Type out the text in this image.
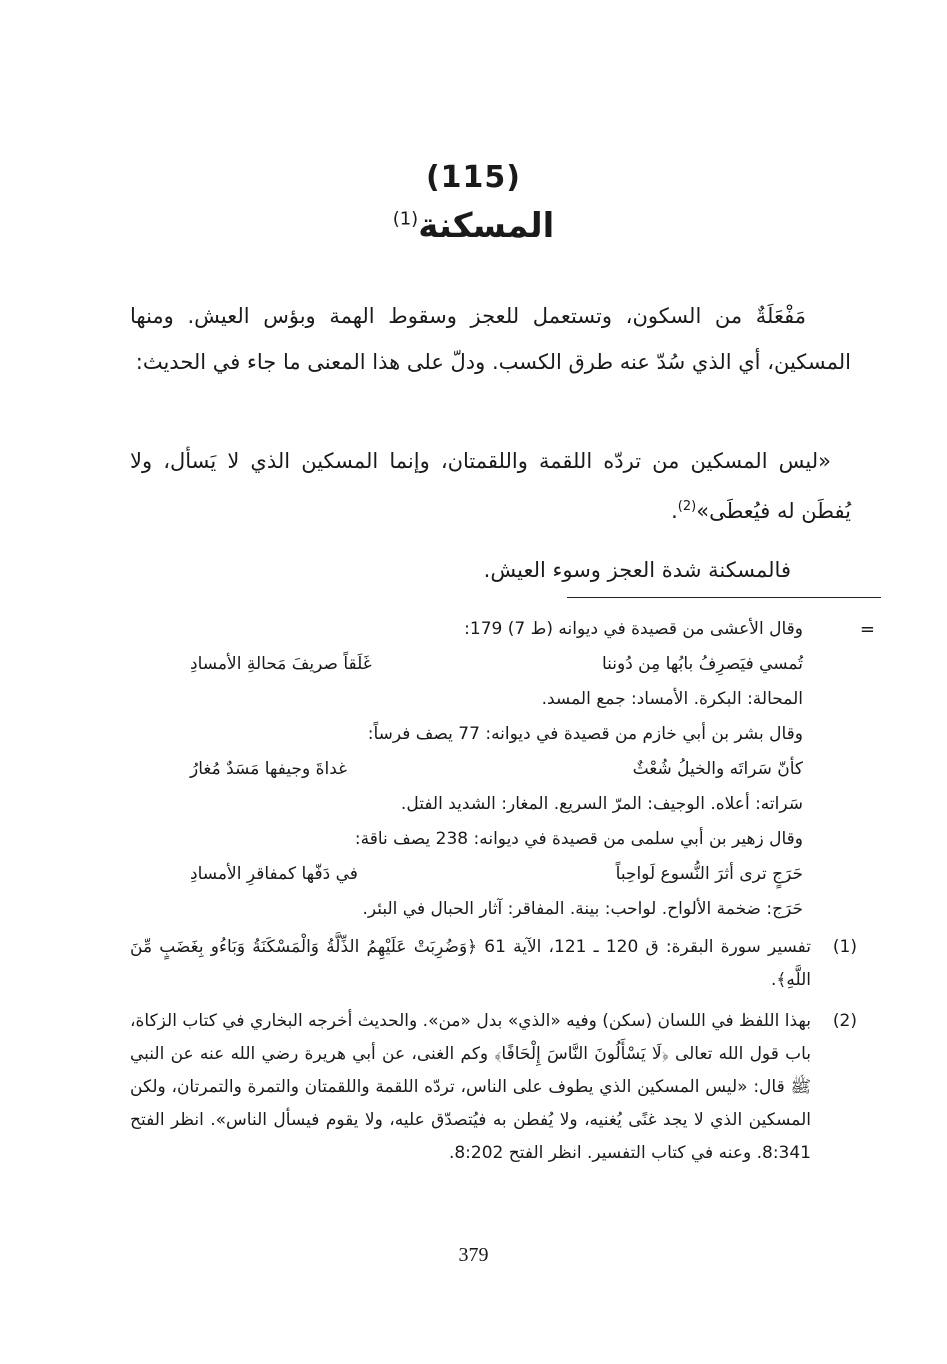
(115)
المسكنة$^{(1)}$

مَفْعَلَةٌ من السكون، وتستعمل للعجز وسقوط الهمة وبؤس العيش. ومنها المسكين، أي الذي سُدّ عنه طرق الكسب. ودلّ على هذا المعنى ما جاء في الحديث:

«ليس المسكين من تردّه اللقمة واللقمتان، وإنما المسكين الذي لا يَسأل، ولا يُفطَن له فيُعطَى»$^{(2)}$.

فالمسكنة شدة العجز وسوء العيش.

=
وقال الأعشى من قصيدة في ديوانه (ط 7) 179:
تُمسي فيَصرِفُ بابُها مِن دُوننا
غَلَقاً صريفَ مَحالةِ الأمسادِ
المحالة: البكرة. الأمساد: جمع المسد.
وقال بشر بن أبي خازم من قصيدة في ديوانه: 77 يصف فرساً:
كأنّ سَراتَه والخيلُ شُعْثٌ
غداةَ وجيفها مَسَدٌ مُغارُ
سَراته: أعلاه. الوجيف: المرّ السريع. المغار: الشديد الفتل.
وقال زهير بن أبي سلمى من قصيدة في ديوانه: 238 يصف ناقة:
حَرَجٍ ترى أثرَ النُّسوع لَواحِباً
في دَفّها كمفاقرِ الأمسادِ
حَرَج: ضخمة الألواح. لواحب: بينة. المفاقر: آثار الحبال في البئر.
(1)
تفسير سورة البقرة: ق 120 ـ 121، الآية 61 ﴿وَضُرِبَتْ عَلَيْهِمُ الذِّلَّةُ وَالْمَسْكَنَةُ وَبَاءُو بِغَضَبٍ مِّنَ اللَّهِ﴾.
(2)
بهذا اللفظ في اللسان (سكن) وفيه «الذي» بدل «من». والحديث أخرجه البخاري في كتاب الزكاة، باب قول الله تعالى ﴿لَا يَسْأَلُونَ النَّاسَ إِلْحَافًا﴾ وكم الغنى، عن أبي هريرة رضي الله عنه عن النبي ﷺ قال: «ليس المسكين الذي يطوف على الناس، تردّه اللقمة واللقمتان والتمرة والتمرتان، ولكن المسكين الذي لا يجد غنًى يُغنيه، ولا يُفطن به فيُتصدّق عليه، ولا يقوم فيسأل الناس». انظر الفتح 8:341. وعنه في كتاب التفسير. انظر الفتح 8:202.
379
